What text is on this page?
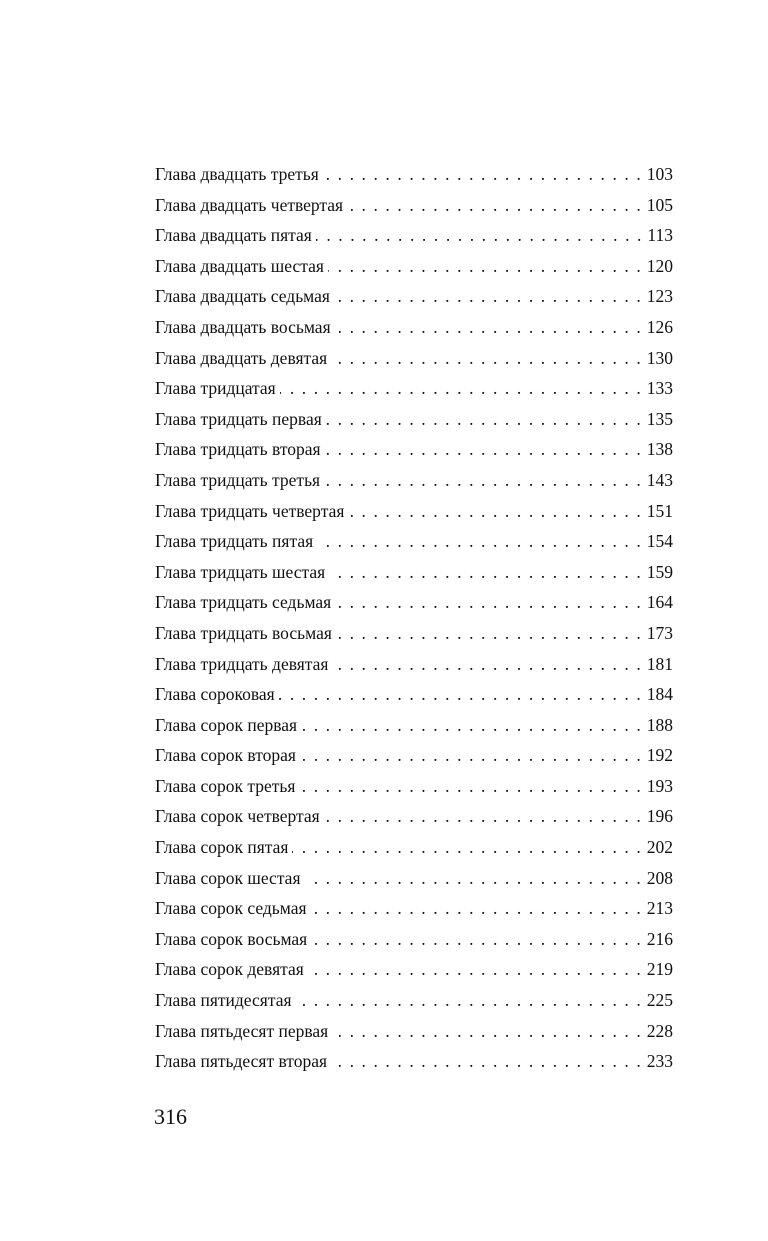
Глава двадцать третья . . .	103
Глава двадцать четвертая . . .	105
Глава двадцать пятая . . .	113
Глава двадцать шестая . . .	120
Глава двадцать седьмая . . .	123
Глава двадцать восьмая . . .	126
Глава двадцать девятая . . .	130
Глава тридцатая . . .	133
Глава тридцать первая . . .	135
Глава тридцать вторая . . .	138
Глава тридцать третья . . .	143
Глава тридцать четвертая . . .	151
Глава тридцать пятая . . .	154
Глава тридцать шестая . . .	159
Глава тридцать седьмая . . .	164
Глава тридцать восьмая . . .	173
Глава тридцать девятая . . .	181
Глава сороковая . . .	184
Глава сорок первая . . .	188
Глава сорок вторая . . .	192
Глава сорок третья . . .	193
Глава сорок четвертая . . .	196
Глава сорок пятая . . .	202
Глава сорок шестая . . .	208
Глава сорок седьмая . . .	213
Глава сорок восьмая . . .	216
Глава сорок девятая . . .	219
Глава пятидесятая . . .	225
Глава пятьдесят первая . . .	228
Глава пятьдесят вторая . . .	233
316
